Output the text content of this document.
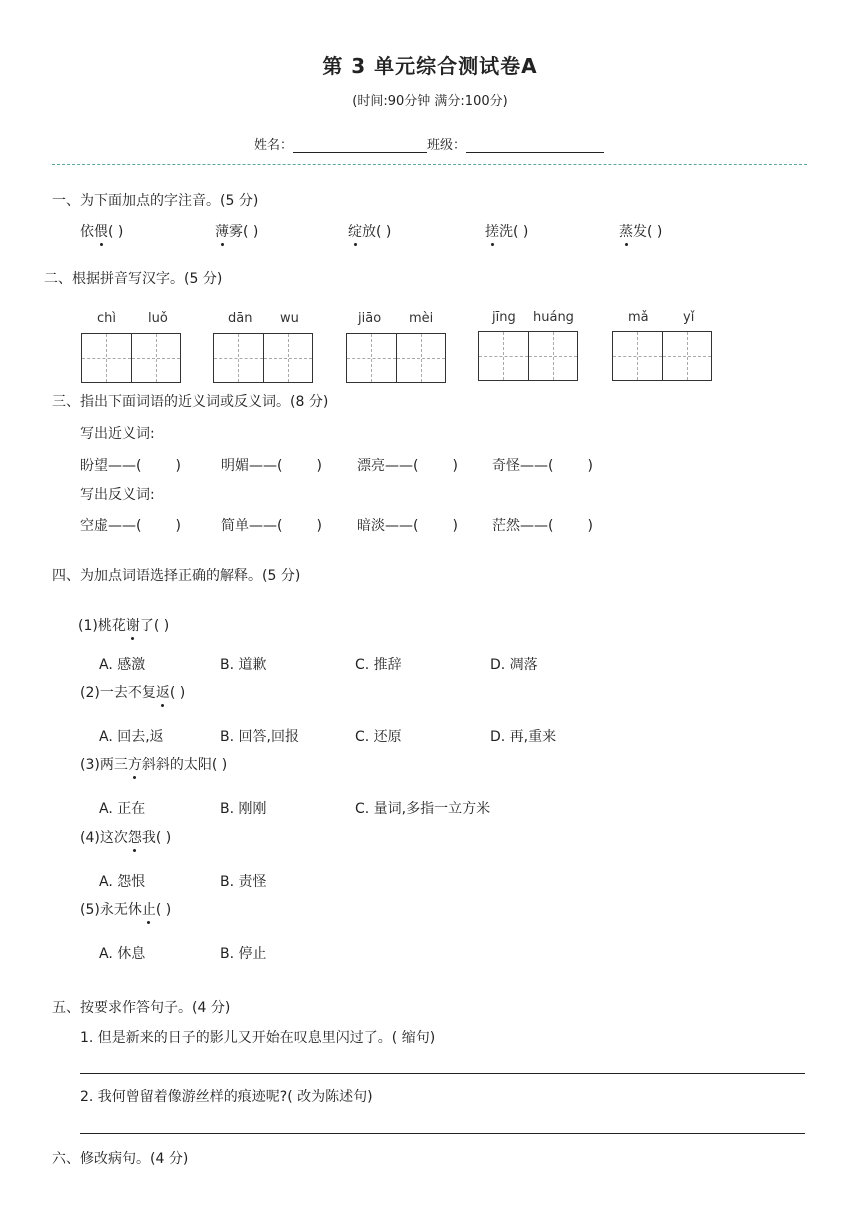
第 3 单元综合测试卷A
(时间:90分钟 满分:100分)
姓名：	班级：
一、为下面加点的字注音。(5 分)
依偎( )	薄雾( )	绽放( )	搓洗( )	蒸发( )
二、根据拼音写汉字。(5 分)
chì luǒ	dān wu	jiāo mèi	jīng huáng	mǎ	yǐ
三、指出下面词语的近义词或反义词。(8 分)
写出近义词:
盼望——( )	明媚——( )	漂亮——( ) 奇怪——( )
写出反义词:
空虚——( )	简单——( )	暗淡——( ) 茫然——( )
四、为加点词语选择正确的解释。(5 分)
(1)桃花谢了( )
A. 感激	B. 道歉	C. 推辞	D. 凋落
(2)一去不复返( )
A. 回去,返	B. 回答,回报	C. 还原	D. 再,重来
(3)两三方斜斜的太阳( )
A. 正在	B. 刚刚	C. 量词,多指一立方米
(4)这次怨我( )
A. 怨恨	B. 责怪
(5)永无休止( )
A. 休息	B. 停止
五、按要求作答句子。(4 分)
1. 但是新来的日子的影儿又开始在叹息里闪过了。( 缩句)
2. 我何曾留着像游丝样的痕迹呢?( 改为陈述句)
六、修改病句。(4 分)
